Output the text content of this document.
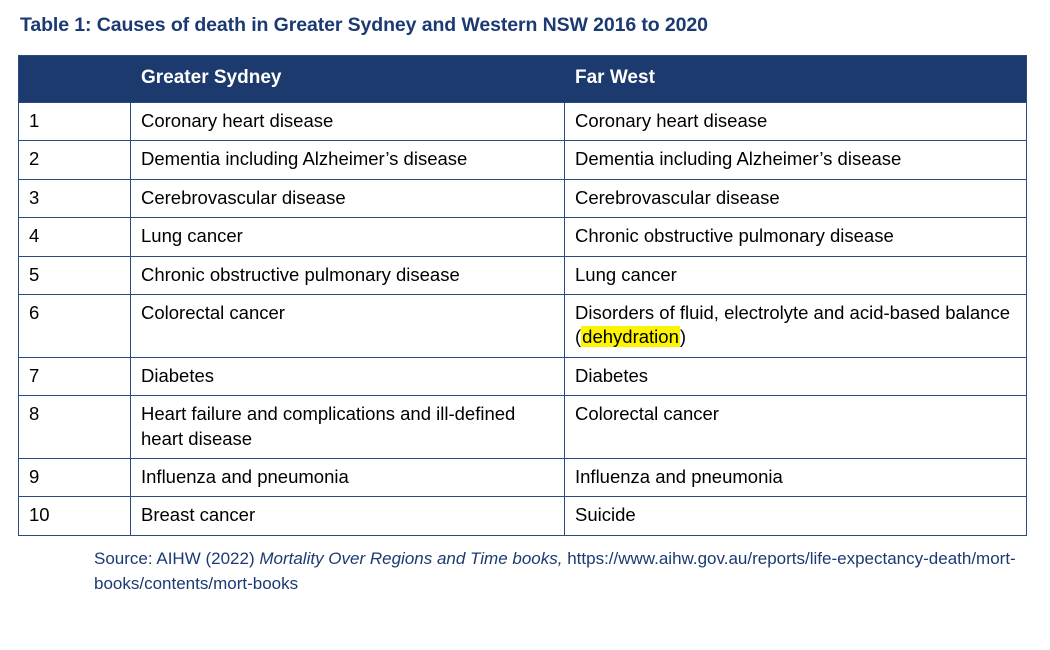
Table 1: Causes of death in Greater Sydney and Western NSW 2016 to 2020
	Greater Sydney	Far West
1	Coronary heart disease	Coronary heart disease
2	Dementia including Alzheimer’s disease	Dementia including Alzheimer’s disease
3	Cerebrovascular disease	Cerebrovascular disease
4	Lung cancer	Chronic obstructive pulmonary disease
5	Chronic obstructive pulmonary disease	Lung cancer
6	Colorectal cancer	Disorders of fluid, electrolyte and acid-based balance (dehydration)
7	Diabetes	Diabetes
8	Heart failure and complications and ill-defined heart disease	Colorectal cancer
9	Influenza and pneumonia	Influenza and pneumonia
10	Breast cancer	Suicide

Source: AIHW (2022) Mortality Over Regions and Time books, https://www.aihw.gov.au/reports/life-expectancy-death/mort-books/contents/mort-books
